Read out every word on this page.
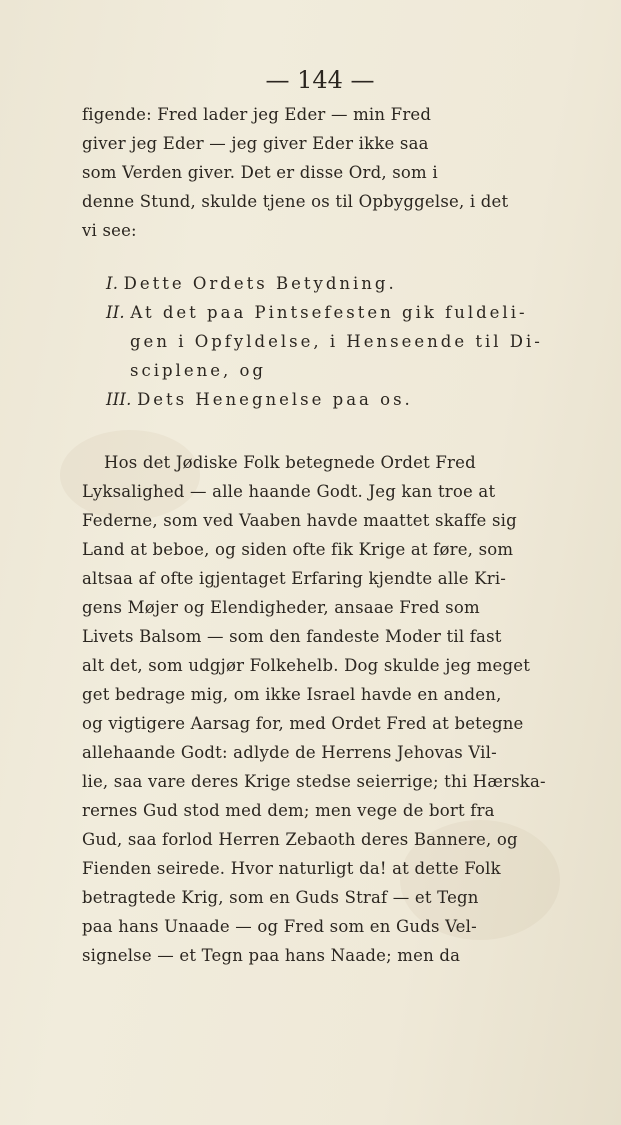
— 144 —
figende: Fred lader jeg Eder — min Fred
giver jeg Eder — jeg giver Eder ikke saa
som Verden giver. Det er disse Ord, som i
denne Stund, skulde tjene os til Opbyggelse, i det
vi see:
I. Dette Ordets Betydning.
II. At det paa Pintsefesten gik fuldeli-
gen i Opfyldelse, i Henseende til Di-
sciplene, og
III. Dets Henegnelse paa os.
Hos det Jødiske Folk betegnede Ordet Fred
Lyksalighed — alle haande Godt. Jeg kan troe at
Federne, som ved Vaaben havde maattet skaffe sig
Land at beboe, og siden ofte fik Krige at føre, som
altsaa af ofte igjentaget Erfaring kjendte alle Kri-
gens Møjer og Elendigheder, ansaae Fred som
Livets Balsom — som den fandeste Moder til fast
alt det, som udgjør Folkehelb. Dog skulde jeg meget
get bedrage mig, om ikke Israel havde en anden,
og vigtigere Aarsag for, med Ordet Fred at betegne
allehaande Godt: adlyde de Herrens Jehovas Vil-
lie, saa vare deres Krige stedse seierrige; thi Hærska-
rernes Gud stod med dem; men vege de bort fra
Gud, saa forlod Herren Zebaoth deres Bannere, og
Fienden seirede. Hvor naturligt da! at dette Folk
betragtede Krig, som en Guds Straf — et Tegn
paa hans Unaade — og Fred som en Guds Vel-
signelse — et Tegn paa hans Naade; men da
